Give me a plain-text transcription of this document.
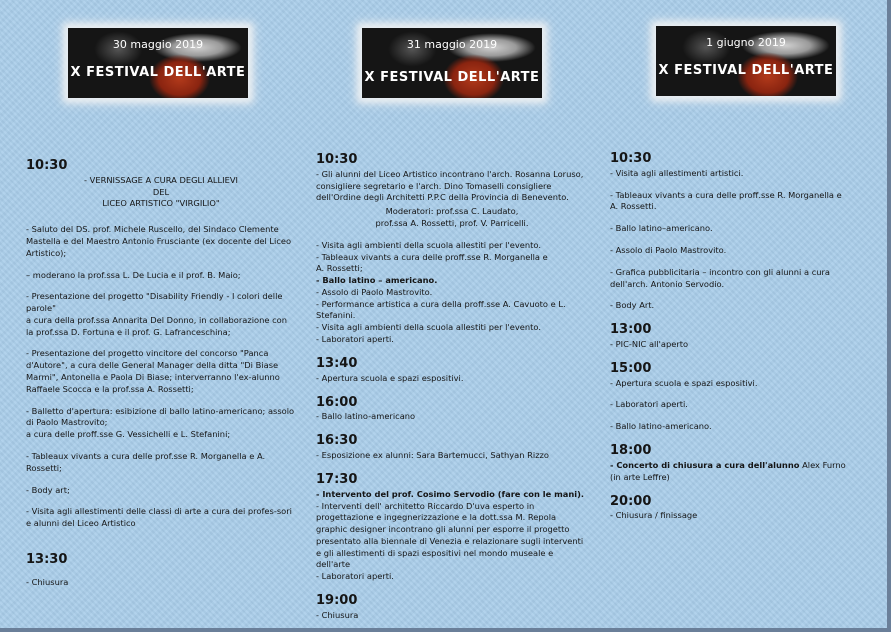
30 maggio 2019
X FESTIVAL DELL'ARTE
31 maggio 2019
X FESTIVAL DELL'ARTE
1 giugno 2019
X FESTIVAL DELL'ARTE
10:30

- VERNISSAGE A CURA DEGLI ALLIEVI
DEL
LICEO ARTISTICO "VIRGILIO"

- Saluto del DS. prof. Michele Ruscello, del Sindaco Clemente Mastella e del Maestro Antonio Frusciante (ex docente del Liceo Artistico);

– moderano la prof.ssa L. De Lucia e il prof. B. Maio;

- Presentazione del progetto "Disability Friendly - I colori delle parole"
a cura della prof.ssa Annarita Del Donno, in collaborazione con la prof.ssa D. Fortuna e il prof. G. Lafranceschina;

- Presentazione del progetto vincitore del concorso "Panca d'Autore", a cura delle General Manager della ditta "Di Biase Marmi", Antonella e Paola Di Biase; interverranno l'ex-alunno Raffaele Scocca e la prof.ssa A. Rossetti;

- Balletto d'apertura: esibizione di ballo latino-americano; assolo di Paolo Mastrovito;
a cura delle proff.sse G. Vessichelli e L. Stefanini;

- Tableaux vivants a cura delle prof.sse R. Morganella e A. Rossetti;

- Body art;

- Visita agli allestimenti delle classi di arte a cura dei profes-sori e alunni del Liceo Artistico

13:30

- Chiusura

10:30

- Gli alunni del Liceo Artistico incontrano l'arch. Rosanna Loruso, consigliere segretario e l'arch. Dino Tomaselli consigliere dell'Ordine degli Architetti P.P.C della Provincia di Benevento.

Moderatori: prof.ssa C. Laudato,
prof.ssa A. Rossetti, prof. V. Parricelli.

- Visita agli ambienti della scuola allestiti per l'evento.
- Tableaux vivants a cura delle proff.sse R. Morganella e
A. Rossetti;

- Ballo latino – americano.

- Assolo di Paolo Mastrovito.
- Performance artistica a cura della proff.sse A. Cavuoto e L. Stefanini.
- Visita agli ambienti della scuola allestiti per l'evento.
- Laboratori aperti.

13:40

- Apertura scuola e spazi espositivi.

16:00

- Ballo latino-americano

16:30

- Esposizione ex alunni: Sara Bartemucci, Sathyan Rizzo

17:30

- Intervento del prof. Cosimo Servodio (fare con le mani).

- Interventi dell' architetto Riccardo D'uva esperto in progettazione e ingegnerizzazione e la dott.ssa M. Repola graphic designer incontrano gli alunni per esporre il progetto presentato alla biennale di Venezia e relazionare sugli interventi e gli allestimenti di spazi espositivi nel mondo museale e dell'arte
- Laboratori aperti.

19:00

- Chiusura

10:30

- Visita agli allestimenti artistici.

- Tableaux vivants a cura delle proff.sse R. Morganella e A. Rossetti.

- Ballo latino–americano.

- Assolo di Paolo Mastrovito.

- Grafica pubblicitaria – incontro con gli alunni a cura dell'arch. Antonio Servodio.

- Body Art.

13:00

- PIC-NIC all'aperto

15:00

- Apertura scuola e spazi espositivi.

- Laboratori aperti.

- Ballo latino-americano.

18:00

- Concerto di chiusura a cura dell'alunno Alex Furno
(in arte Leffre)

20:00

- Chiusura / finissage
